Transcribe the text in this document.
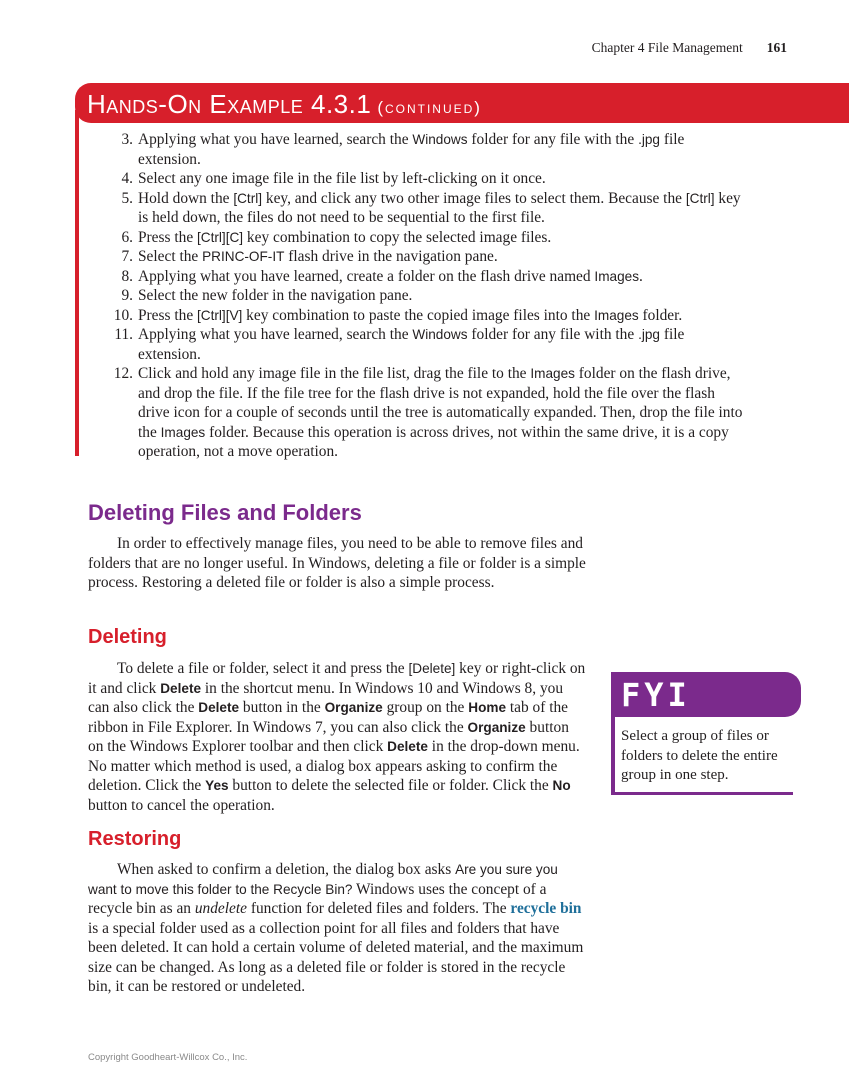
Chapter 4 File Management 161
Hands-On Example 4.3.1 (continued)
3. Applying what you have learned, search the Windows folder for any file with the .jpg file extension.
4. Select any one image file in the file list by left-clicking on it once.
5. Hold down the [Ctrl] key, and click any two other image files to select them. Because the [Ctrl] key is held down, the files do not need to be sequential to the first file.
6. Press the [Ctrl][C] key combination to copy the selected image files.
7. Select the PRINC-OF-IT flash drive in the navigation pane.
8. Applying what you have learned, create a folder on the flash drive named Images.
9. Select the new folder in the navigation pane.
10. Press the [Ctrl][V] key combination to paste the copied image files into the Images folder.
11. Applying what you have learned, search the Windows folder for any file with the .jpg file extension.
12. Click and hold any image file in the file list, drag the file to the Images folder on the flash drive, and drop the file. If the file tree for the flash drive is not expanded, hold the file over the flash drive icon for a couple of seconds until the tree is automatically expanded. Then, drop the file into the Images folder. Because this operation is across drives, not within the same drive, it is a copy operation, not a move operation.
Deleting Files and Folders
In order to effectively manage files, you need to be able to remove files and folders that are no longer useful. In Windows, deleting a file or folder is a simple process. Restoring a deleted file or folder is also a simple process.
Deleting
To delete a file or folder, select it and press the [Delete] key or right-click on it and click Delete in the shortcut menu. In Windows 10 and Windows 8, you can also click the Delete button in the Organize group on the Home tab of the ribbon in File Explorer. In Windows 7, you can also click the Organize button on the Windows Explorer toolbar and then click Delete in the drop-down menu. No matter which method is used, a dialog box appears asking to confirm the deletion. Click the Yes button to delete the selected file or folder. Click the No button to cancel the operation.
Restoring
When asked to confirm a deletion, the dialog box asks Are you sure you want to move this folder to the Recycle Bin? Windows uses the concept of a recycle bin as an undelete function for deleted files and folders. The recycle bin is a special folder used as a collection point for all files and folders that have been deleted. It can hold a certain volume of deleted material, and the maximum size can be changed. As long as a deleted file or folder is stored in the recycle bin, it can be restored or undeleted.
FYI
Select a group of files or folders to delete the entire group in one step.
Copyright Goodheart-Willcox Co., Inc.
